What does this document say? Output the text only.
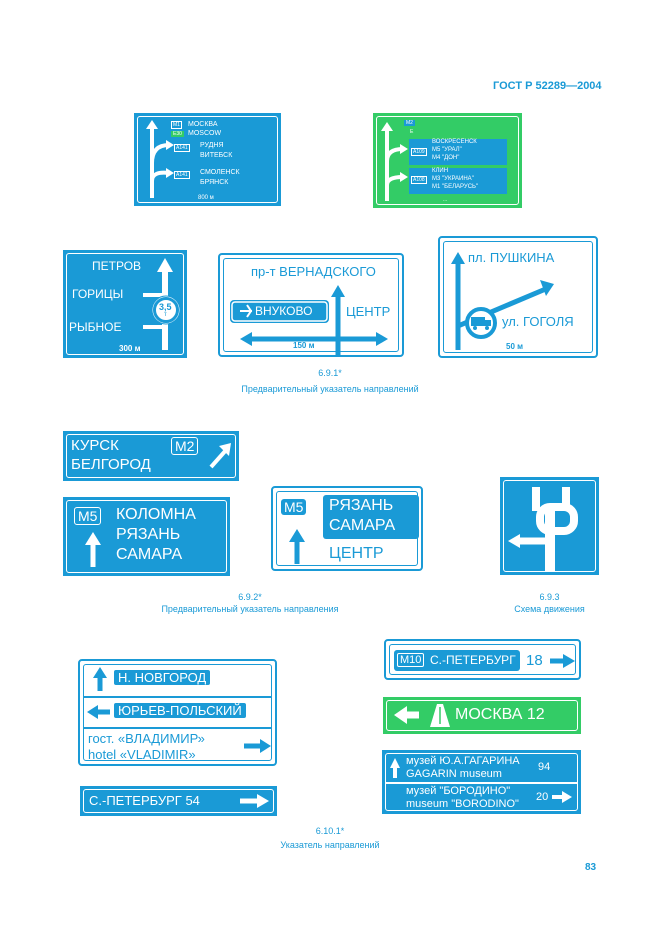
ГОСТ Р 52289—2004
М1 МОСКВА
Е30 MOSCOW
А141 РУДНЯ
ВИТЕБСК
А141 СМОЛЕНСК
БРЯНСК
800 м
М2
Е
А109
ВОСКРЕСЕНСК
М5 "УРАЛ"
М4 "ДОН"
А108
КЛИН
М3 "УКРАИНА"
М1 "БЕЛАРУСЬ"
...
ПЕТРОВ
ГОРИЦЫ
РЫБНОЕ
3,5
т
300 м
пр-т ВЕРНАДСКОГО
ВНУКОВО	ЦЕНТР
150 м
пл. ПУШКИНА
ул. ГОГОЛЯ
50 м
6.9.1*
Предварительный указатель направлений
КУРСК
БЕЛГОРОД
М2
М5 КОЛОМНА
РЯЗАНЬ
САМАРА
М5 РЯЗАНЬ
САМАРА
ЦЕНТР
6.9.2*
Предварительный указатель направления
6.9.3
Схема движения
Н. НОВГОРОД
ЮРЬЕВ-ПОЛЬСКИЙ
гост. «ВЛАДИМИР»
hotel «VLADIMIR»
С.-ПЕТЕРБУРГ 54
М10 С.-ПЕТЕРБУРГ 18
МОСКВА 12
музей Ю.А.ГАГАРИНА
GAGARIN museum
94
музей "БОРОДИНО"
museum "BORODINO"
20
6.10.1*
Указатель направлений
83
